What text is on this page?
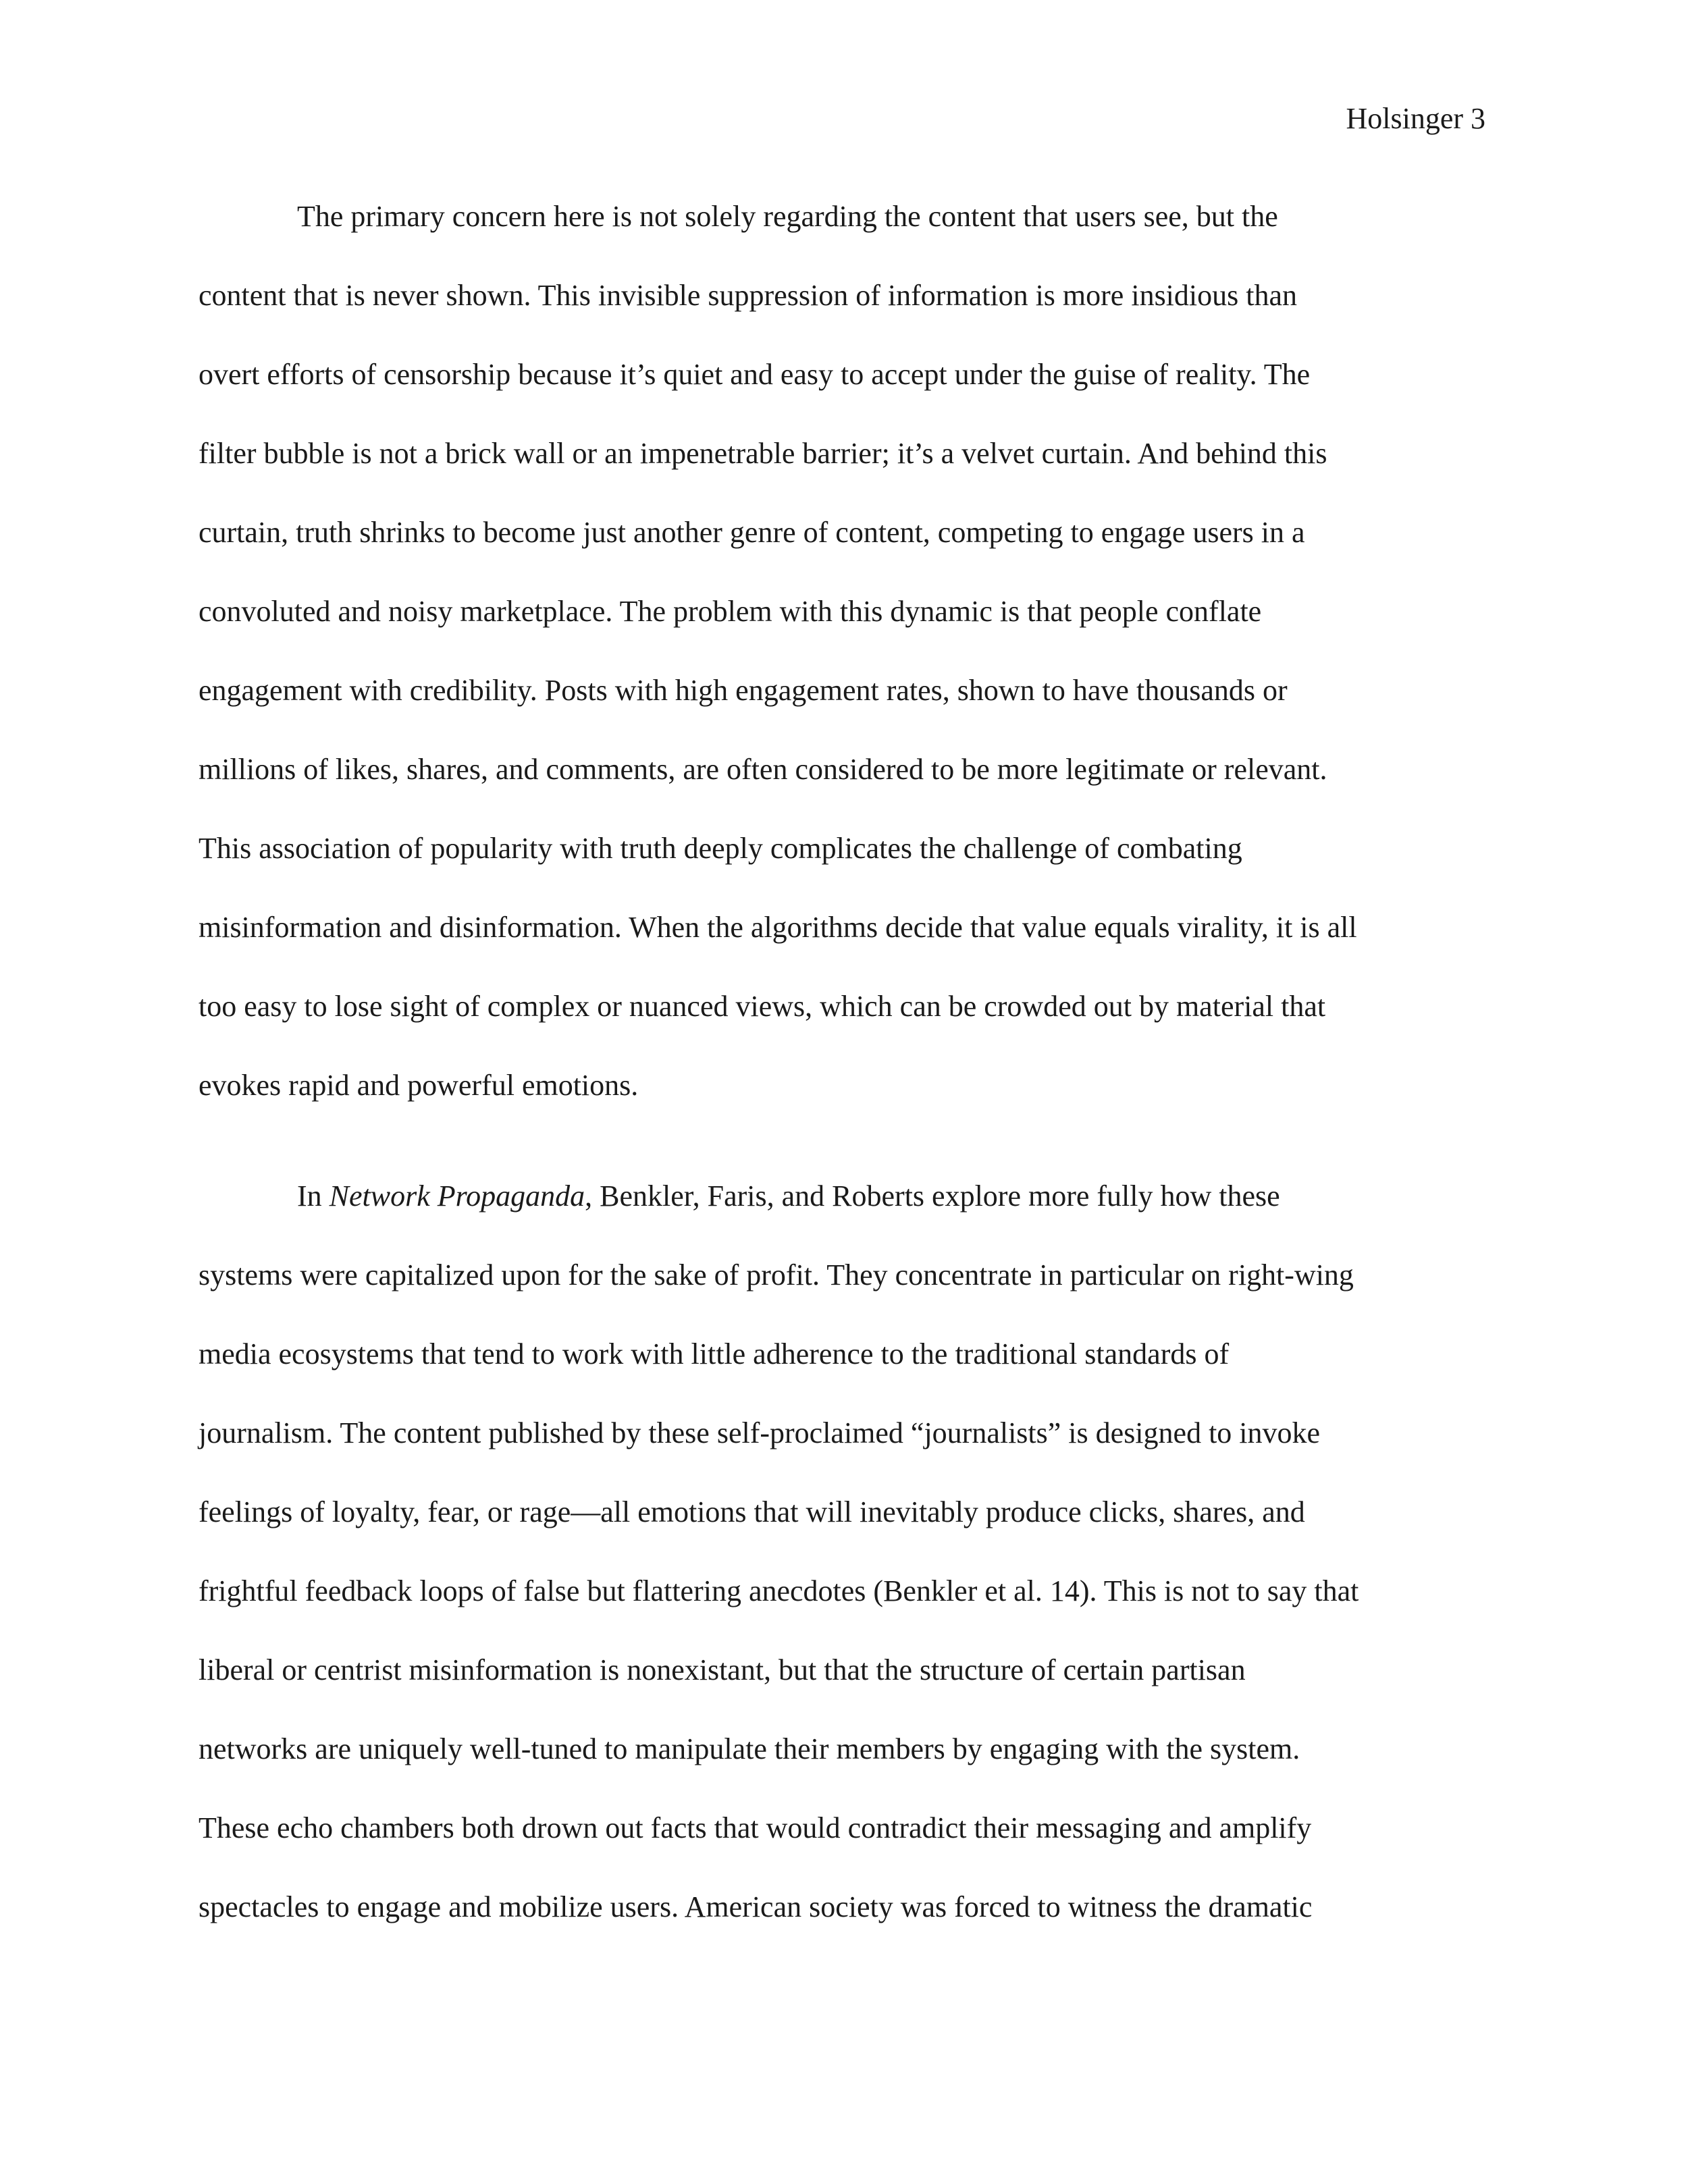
Holsinger 3
The primary concern here is not solely regarding the content that users see, but the
content that is never shown. This invisible suppression of information is more insidious than
overt efforts of censorship because it’s quiet and easy to accept under the guise of reality. The
filter bubble is not a brick wall or an impenetrable barrier; it’s a velvet curtain. And behind this
curtain, truth shrinks to become just another genre of content, competing to engage users in a
convoluted and noisy marketplace. The problem with this dynamic is that people conflate
engagement with credibility. Posts with high engagement rates, shown to have thousands or
millions of likes, shares, and comments, are often considered to be more legitimate or relevant.
This association of popularity with truth deeply complicates the challenge of combating
misinformation and disinformation. When the algorithms decide that value equals virality, it is all
too easy to lose sight of complex or nuanced views, which can be crowded out by material that
evokes rapid and powerful emotions.
In Network Propaganda, Benkler, Faris, and Roberts explore more fully how these
systems were capitalized upon for the sake of profit. They concentrate in particular on right-wing
media ecosystems that tend to work with little adherence to the traditional standards of
journalism. The content published by these self-proclaimed “journalists” is designed to invoke
feelings of loyalty, fear, or rage—all emotions that will inevitably produce clicks, shares, and
frightful feedback loops of false but flattering anecdotes (Benkler et al. 14). This is not to say that
liberal or centrist misinformation is nonexistant, but that the structure of certain partisan
networks are uniquely well-tuned to manipulate their members by engaging with the system.
These echo chambers both drown out facts that would contradict their messaging and amplify
spectacles to engage and mobilize users. American society was forced to witness the dramatic
